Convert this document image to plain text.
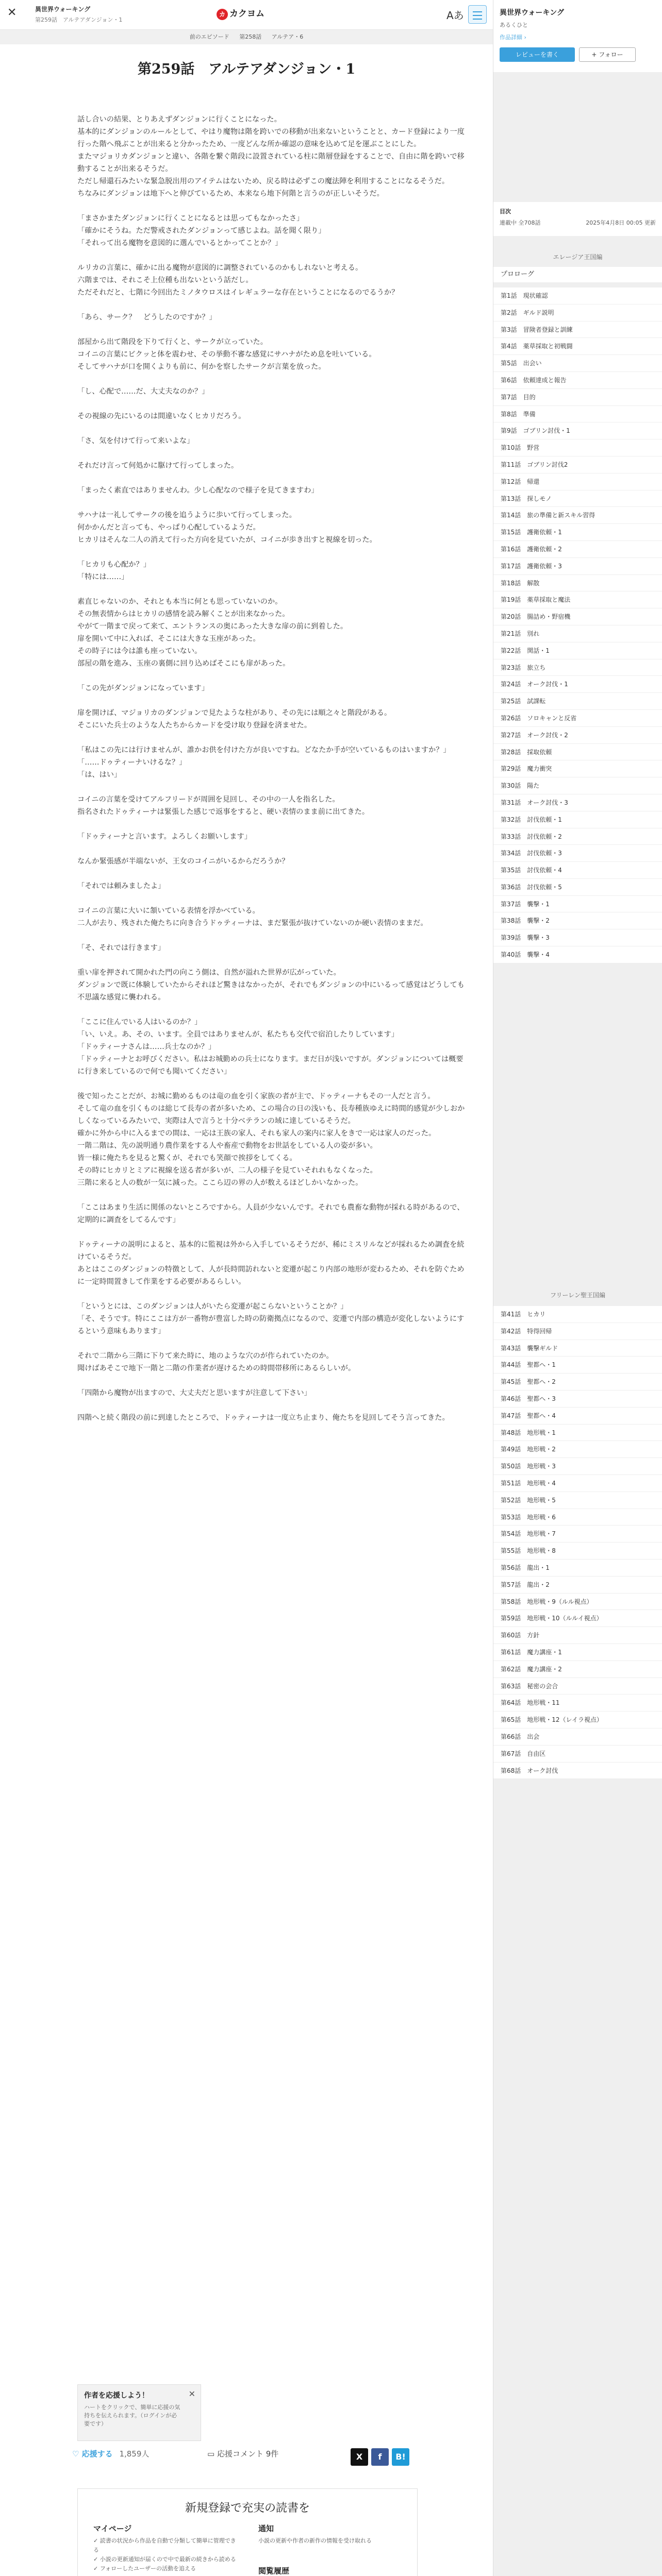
✕	異世界ウォーキング
第259話　アルテアダンジョン・1
カ カクヨム	Aあ
前のエピソード 第258話 アルテア・6
第259話　アルテアダンジョン・1

話し合いの結果、とりあえずダンジョンに行くことになった。

基本的にダンジョンのルールとして、やはり魔物は階を跨いでの移動が出来ないということと、カード登録により一度行った階へ飛ぶことが出来ると分かったため、一度どんな所か確認の意味を込めて足を運ぶことにした。

またマジョリカダンジョンと違い、各階を繋ぐ階段に設置されている柱に階層登録をすることで、自由に階を跨いで移動することが出来るそうだ。

ただし帰還石みたいな緊急脱出用のアイテムはないため、戻る時は必ずこの魔法陣を利用することになるそうだ。

ちなみにダンジョンは地下へと伸びているため、本来なら地下何階と言うのが正しいそうだ。

「まさかまたダンジョンに行くことになるとは思ってもなかったさ」

「確かにそうね。ただ警戒されたダンジョンって感じよね。話を聞く限り」

「それって出る魔物を意図的に選んでいるとかってことか？」

ルリカの言葉に、確かに出る魔物が意図的に調整されているのかもしれないと考える。

六階までは、それこそ上位種も出ないという話だし。

ただそれだと、七階に今回出たミノタウロスはイレギュラーな存在ということになるのでるうか？

「あら、サーク？　どうしたのですか？」

部屋から出て階段を下りて行くと、サークが立っていた。

コイニの言葉にビクッと体を震わせ、その挙動不審な感覚にサハナがため息を吐いている。

そしてサハナが口を開くよりも前に、何かを察したサークが言葉を放った。

「し、心配で……だ、大丈夫なのか？」

その視線の先にいるのは間違いなくヒカリだろう。

「さ、気を付けて行って来いよな」

それだけ言って何処かに駆けて行ってしまった。

「まったく素直ではありませんわ。少し心配なので様子を見てきますわ」

サハナは一礼してサークの後を追うように歩いて行ってしまった。

何かかんだと言っても、やっぱり心配しているようだ。

ヒカリはそんな二人の消えて行った方向を見ていたが、コイニが歩き出すと視線を切った。

「ヒカリも心配か？」

「特には……」

素直じゃないのか、それとも本当に何とも思っていないのか。

その無表情からはヒカリの感情を読み解くことが出来なかった。

やがて一階まで戻って来て、エントランスの奥にあった大きな扉の前に到着した。

扉を開いて中に入れば、そこには大きな玉座があった。

その時子には今は誰も座っていない。

部屋の階を進み、玉座の裏側に回り込めばそこにも扉があった。

「この先がダンジョンになっています」

扉を開けば、マジョリカのダンジョンで見たような柱があり、その先には順之々と階段がある。

そこにいた兵士のような人たちからカードを受け取り登録を済ませた。

「私はこの先には行けませんが、誰かお供を付けた方が良いですね。どなたか手が空いているものはいますか？」

「……ドゥティーナいけるな？」

「は、はい」

コイニの言葉を受けてアルフリードが周囲を見回し、その中の一人を指名した。

指名されたドゥティーナは緊張した感じで返事をすると、硬い表情のまま前に出てきた。

「ドゥティーナと言います。よろしくお願いします」

なんか緊張感が半端ないが、王女のコイニがいるからだろうか？

「それでは頼みましたよ」

コイニの言葉に大いに頷いている表情を浮かべている。

二人が去り、残された俺たちに向き合うドゥティーナは、まだ緊張が抜けていないのか硬い表情のままだ。

「そ、それでは行きます」

重い扉を押されて開かれた門の向こう側は、自然が溢れた世界が広がっていた。

ダンジョンで既に体験していたからそれほど驚きはなかったが、それでもダンジョンの中にいるって感覚はどうしても不思議な感覚に襲われる。

「ここに住んでいる人はいるのか？」

「い、いえ。あ、その、います。全員ではありませんが、私たちも交代で宿泊したりしています」

「ドゥティーナさんは……兵士なのか？」

「ドゥティーナとお呼びください。私はお城勤めの兵士になります。まだ日が浅いですが。ダンジョンについては概要に行き来しているので何でも聞いてください」

後で知ったことだが、お城に勤めるものは竜の血を引く家族の者が主で、ドゥティーナもその一人だと言う。

そして竜の血を引くものは総じて長寿の者が多いため、この場合の日の浅いも、長寿種族ゆえに時間的感覚が少しおかしくなっているみたいで、実際は人で言うと十分ベテランの域に達しているそうだ。

確かに外から中に入るまでの間は、一応は王族の家人、それも家人の案内に家人をきで一応は家人のだった。

一階二階は、先の説明通り農作業をする人や畜産で動物をお世話をしている人の姿が多い。

皆一様に俺たちを見ると驚くが、それでも笑顔で挨拶をしてくる。

その時にヒカリとミアに視線を送る者が多いが、二人の様子を見ていそれれもなくなった。

三階に来ると人の数が一気に減った。ここら辺の界の人が数えるほどしかいなかった。

「ここはあまり生活に関係のないところですから。人員が少ないんです。それでも農畜な動物が採れる時があるので、定期的に調査をしてるんです」

ドゥティーナの説明によると、基本的に監視は外から入手しているそうだが、稀にミスリルなどが採れるため調査を続けているそうだ。

あとはここのダンジョンの特徴として、人が長時間訪れないと変遷が起こり内部の地形が変わるため、それを防ぐために一定時間置きして作業をする必要があるらしい。

「というとには、このダンジョンは人がいたら変遷が起こらないということか？」

「そ、そうです。特にここは方が一番物が豊富した時の防衛拠点になるので、変遷で内部の構造が変化しないようにするという意味もあります」

それで二階から三階に下りて来た時に、地のような穴のが作られていたのか。

聞けばあそこで地下一階と二階の作業者が遅けるための時間帯移所にあるらしいが。

「四階から魔物が出ますので、大丈夫だと思いますが注意して下さい」

四階へと続く階段の前に到達したところで、ドゥティーナは一度立ち止まり、俺たちを見回してそう言ってきた。

作者を応援しよう！
ハートをクリックで、簡単に応援の気持ちを伝えられます。（ログインが必要です）
✕
♡ 応援する 1,859人	▭ 応援コメント 9件	X f B!
新規登録で充実の読書を
マイページ
✓ 読書の状況から作品を自動で分類して簡単に管理できる
✓ 小説の更新通知が届くので中で最新の続きから読める
✓ フォローしたユーザーの活動を追える
通知
小説の更新や作者の新作の情報を受け取れる
閲覧履歴
異世界ウォーキング
あるくひと
作品詳細 ›
レビューを書く	+ フォロー
目次
連載中 全708話	2025年4月8日 00:05 更新
エレージア王国編
プロローグ
第1話　現状確認
第2話　ギルド説明
第3話　冒険者登録と訓練
第4話　薬草採取と初戦闘
第5話　出会い
第6話　依頼達成と報告
第7話　目的
第8話　準備
第9話　ゴブリン討伐・1
第10話　野営
第11話　ゴブリン討伐2
第12話　帰還
第13話　探しモノ
第14話　旅の準備と新スキル習得
第15話　護衛依頼・1
第16話　護衛依頼・2
第17話　護衛依頼・3
第18話　解散
第19話　薬草採取と魔法
第20話　腸詰め・野宿機
第21話　別れ
第22話　関話・1
第23話　旅立ち
第24話　オーク討伐・1
第25話　試課転
第26話　ソロキャンと反省
第27話　オーク討伐・2
第28話　採取依頼
第29話　魔力衝突
第30話　陽た
第31話　オーク討伐・3
第32話　討伐依頼・1
第33話　討伐依頼・2
第34話　討伐依頼・3
第35話　討伐依頼・4
第36話　討伐依頼・5
第37話　襲撃・1
第38話　襲撃・2
第39話　襲撃・3
第40話　襲撃・4
フリーレン聖王国編
第41話　ヒカリ
第42話　特得回帰
第43話　襲撃ギルド
第44話　聖都へ・1
第45話　聖都へ・2
第46話　聖都へ・3
第47話　聖都へ・4
第48話　地形戦・1
第49話　地形戦・2
第50話　地形戦・3
第51話　地形戦・4
第52話　地形戦・5
第53話　地形戦・6
第54話　地形戦・7
第55話　地形戦・8
第56話　龍出・1
第57話　龍出・2
第58話　地形戦・9（ルル視点）
第59話　地形戦・10（ルルイ視点）
第60話　方針
第61話　魔力講座・1
第62話　魔力講座・2
第63話　秘密の会合
第64話　地形戦・11
第65話　地形戦・12（レイラ視点）
第66話　出会
第67話　自由区
第68話　オーク討伐
